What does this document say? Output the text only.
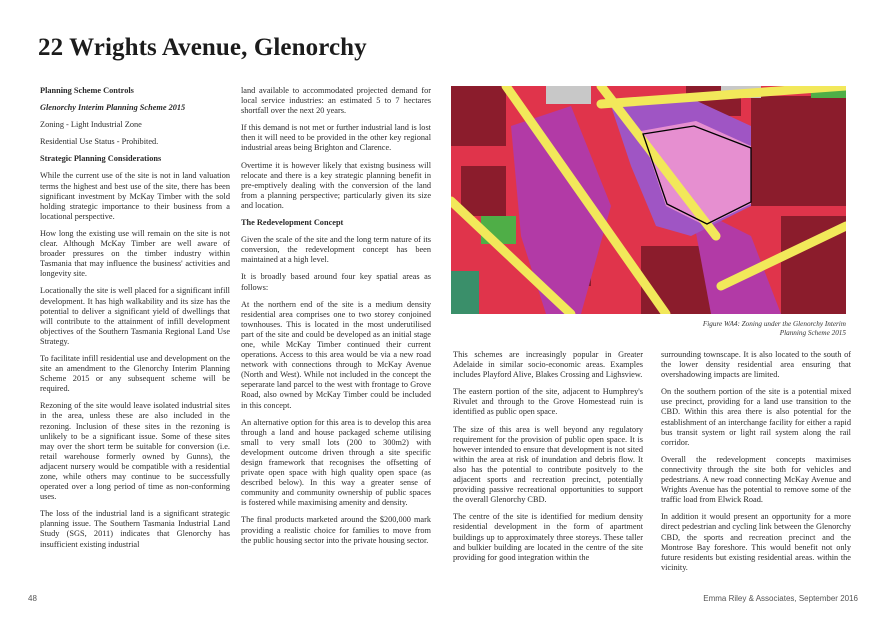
22 Wrights Avenue, Glenorchy

Planning Scheme Controls

Glenorchy Interim Planning Scheme 2015

Zoning - Light Industrial Zone

Residential Use Status - Prohibited.

Strategic Planning Considerations

While the current use of the site is not in land valuation terms the highest and best use of the site, there has been significant investment by McKay Timber with the sold holding strategic importance to their business from a locational perspective.

How long the existing use will remain on the site is not clear. Although McKay Timber are well aware of broader pressures on the timber industry within Tasmania that may influence the business' activities and longevity site.

Locationally the site is well placed for a significant infill development. It has high walkability and its size has the potential to deliver a significant yield of dwellings that will contribute to the attainment of infill development objectives of the Southern Tasmania Regional Land Use Strategy.

To facilitate infill residential use and development on the site an amendment to the Glenorchy Interim Planning Scheme 2015 or any subsequent scheme will be required.

Rezoning of the site would leave isolated industrial sites in the area, unless these are also included in the rezoning. Inclusion of these sites in the rezoning is unlikely to be a significant issue. Some of these sites may over the short term be suitable for conversion (i.e. retail warehouse formerly owned by Gunns), the adjacent nursery would be compatible with a residential zone, while others may continue to be successfully operated over a long period of time as non-conforming uses.

The loss of the industrial land is a significant strategic planning issue. The Southern Tasmania Industrial Land Study (SGS, 2011) indicates that Glenorchy has insufficient existing industrial

land available to accommodated projected demand for local service industries: an estimated 5 to 7 hectares shortfall over the next 20 years.

If this demand is not met or further industrial land is lost then it will need to be provided in the other key regional industrial areas being Brighton and Clarence.

Overtime it is however likely that existng business will relocate and there is a key strategic planning benefit in pre-emptively dealing with the conversion of the land from a planning perspective; particularly given its size and location.

The Redevelopment Concept

Given the scale of the site and the long term nature of its conversion, the redevelopment concept has been maintained at a high level.

It is broadly based around four key spatial areas as follows:

At the northern end of the site is a medium density residential area comprises one to two storey conjoined townhouses. This is located in the most underutilised part of the site and could be developed as an initial stage one, while McKay Timber continued their current operations. Access to this area would be via a new road network with connections through to McKay Avenue (North and West). While not included in the concept the seperarate land parcel to the west with frontage to Grove Road, also owned by McKay Timber could be included in this concept.

An alternative option for this area is to develop this area through a land and house packaged scheme utilising small to very small lots (200 to 300m2) with development outcome driven through a site specific design framework that recognises the offsetting of private open space with high quality open space (as described below). In this way a greater sense of community and community ownership of public spaces is fostered while maximising amenity and density.

The final products marketed around the $200,000 mark providing a realistic choice for families to move from the public housing sector into the private housing sector.

Figure WA4: Zoning under the Glenorchy Interim
Planning Scheme 2015

This schemes are increasingly popular in Greater Adelaide in similar socio-economic areas. Examples includes Playford Alive, Blakes Crossing and Lighsview.

The eastern portion of the site, adjacent to Humphrey's Rivulet and through to the Grove Homestead ruin is identified as public open space.

The size of this area is well beyond any regulatory requirement for the provision of public open space. It is however intended to ensure that development is not sited within the area at risk of inundation and debris flow. It also has the potential to contribute positvely to the adjacent sports and recreation precinct, potentially providing passive recreational opportunities to support the overall Glenorchy CBD.

The centre of the site is identified for medium density residential development in the form of apartment buildings up to approximately three storeys. These taller and bulkier building are located in the centre of the site providing for good integration within the

surrounding townscape. It is also located to the south of the lower density residential area ensuring that overshadowing impacts are limited.

On the southern portion of the site is a potential mixed use precinct, providing for a land use transition to the CBD. Within this area there is also potential for the establishment of an interchange facility for either a rapid bus transit system or light rail system along the rail corridor.

Overall the redevelopment concepts maximises connectivity through the site both for vehicles and pedestrians. A new road connecting McKay Avenue and Wrights Avenue has the potential to remove some of the traffic load from Elwick Road.

In addition it would present an opportunity for a more direct pedestrian and cycling link between the Glenorchy CBD, the sports and recreation precinct and the Montrose Bay foreshore. This would benefit not only future residents but existing residential areas. within the vicinity.

48	Emma Riley & Associates, September 2016
